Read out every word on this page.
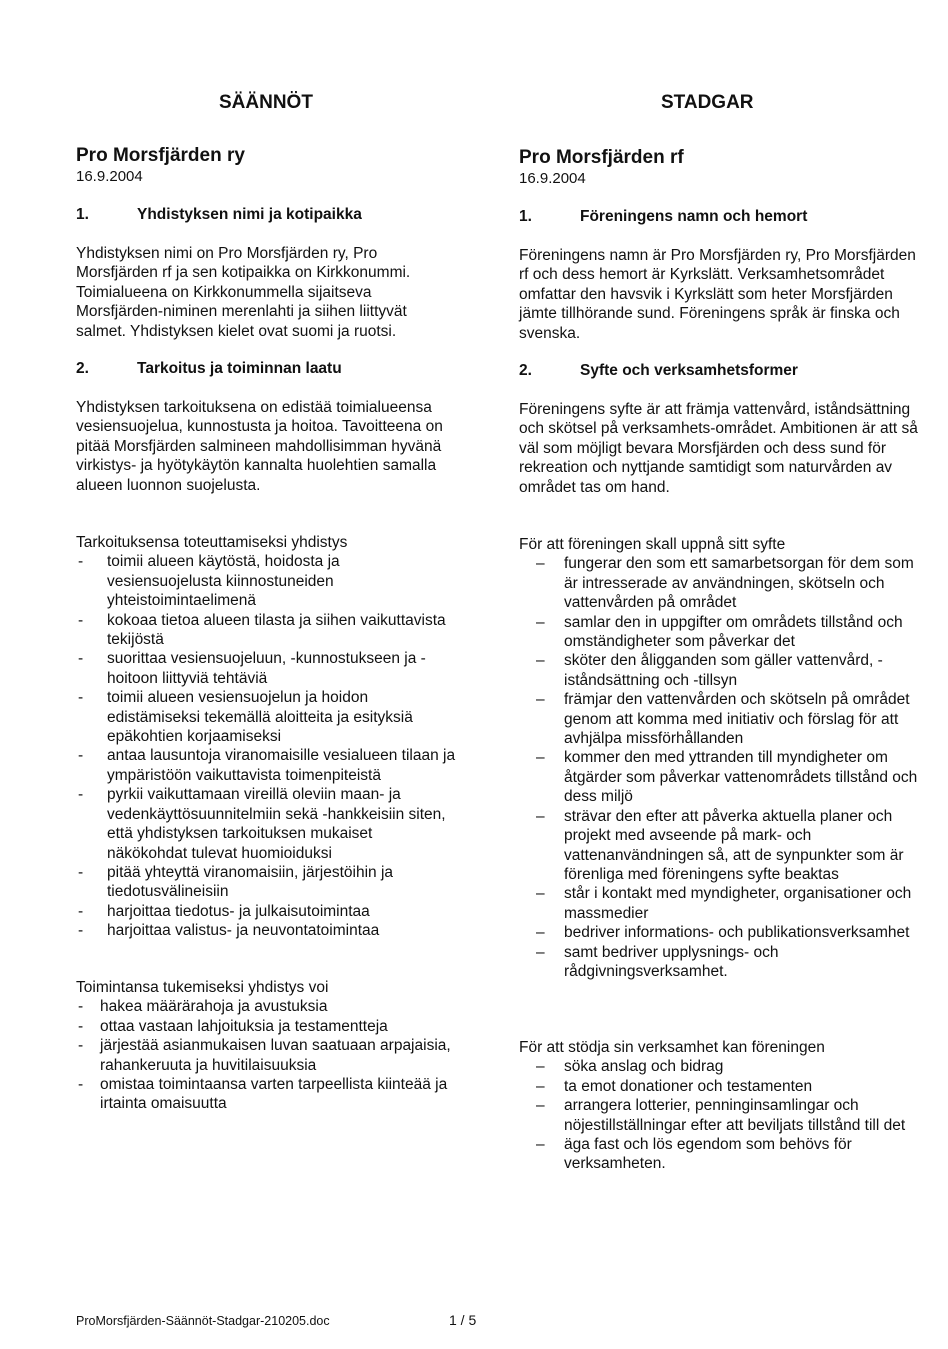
SÄÄNNÖT
Pro Morsfjärden ry
16.9.2004
1.	Yhdistyksen nimi ja kotipaikka

Yhdistyksen nimi on Pro Morsfjärden ry, Pro Morsfjärden rf ja sen kotipaikka on Kirkkonummi. Toimialueena on Kirkkonummella sijaitseva Morsfjärden-niminen merenlahti ja siihen liittyvät salmet. Yhdistyksen kielet ovat suomi ja ruotsi.

2.	Tarkoitus ja toiminnan laatu

Yhdistyksen tarkoituksena on edistää toimialueensa vesiensuojelua, kunnostusta ja hoitoa. Tavoitteena on pitää Morsfjärden salmineen mahdollisimman hyvänä virkistys- ja hyötykäytön kannalta huolehtien samalla alueen luonnon suojelusta.

Tarkoituksensa toteuttamiseksi yhdistys
- toimii alueen käytöstä, hoidosta ja vesiensuojelusta kiinnostuneiden yhteistoimintaelimenä
- kokoaa tietoa alueen tilasta ja siihen vaikuttavista tekijöstä
- suorittaa vesiensuojeluun, -kunnostukseen ja -hoitoon liittyviä tehtäviä
- toimii alueen vesiensuojelun ja hoidon edistämiseksi tekemällä aloitteita ja esityksiä epäkohtien korjaamiseksi
- antaa lausuntoja viranomaisille vesialueen tilaan ja ympäristöön vaikuttavista toimenpiteistä
- pyrkii vaikuttamaan vireillä oleviin maan- ja vedenkäyttösuunnitelmiin sekä -hankkeisiin siten, että yhdistyksen tarkoituksen mukaiset näkökohdat tulevat huomioiduksi
- pitää yhteyttä viranomaisiin, järjestöihin ja tiedotusvälineisiin
- harjoittaa tiedotus- ja julkaisutoimintaa
- harjoittaa valistus- ja neuvontatoimintaa
Toimintansa tukemiseksi yhdistys voi
- hakea määrärahoja ja avustuksia
- ottaa vastaan lahjoituksia ja testamentteja
- järjestää asianmukaisen luvan saatuaan arpajaisia, rahankeruuta ja huvitilaisuuksia
- omistaa toimintaansa varten tarpeellista kiinteää ja irtainta omaisuutta
STADGAR
Pro Morsfjärden rf
16.9.2004
1.	Föreningens namn och hemort

Föreningens namn är Pro Morsfjärden ry, Pro Morsfjärden rf och dess hemort är Kyrkslätt. Verksamhetsområdet omfattar den havsvik i Kyrkslätt som heter Morsfjärden jämte tillhörande sund. Föreningens språk är finska och svenska.

2.	Syfte och verksamhetsformer

Föreningens syfte är att främja vattenvård, iståndsättning och skötsel på verksamhets-området. Ambitionen är att så väl som möjligt bevara Morsfjärden och dess sund för rekreation och nyttjande samtidigt som naturvården av området tas om hand.

För att föreningen skall uppnå sitt syfte
– fungerar den som ett samarbetsorgan för dem som är intresserade av användningen, skötseln och vattenvården på området
– samlar den in uppgifter om områdets tillstånd och omständigheter som påverkar det
– sköter den åligganden som gäller vattenvård, -iståndsättning och -tillsyn
– främjar den vattenvården och skötseln på området genom att komma med initiativ och förslag för att avhjälpa missförhållanden
– kommer den med yttranden till myndigheter om åtgärder som påverkar vattenområdets tillstånd och dess miljö
– strävar den efter att påverka aktuella planer och projekt med avseende på mark- och vattenanvändningen så, att de synpunkter som är förenliga med föreningens syfte beaktas
– står i kontakt med myndigheter, organisationer och massmedier
– bedriver informations- och publikationsverksamhet
– samt bedriver upplysnings- och rådgivningsverksamhet.
För att stödja sin verksamhet kan föreningen
– söka anslag och bidrag
– ta emot donationer och testamenten
– arrangera lotterier, penninginsamlingar och nöjestillställningar efter att beviljats tillstånd till det
– äga fast och lös egendom som behövs för verksamheten.
ProMorsfjärden-Säännöt-Stadgar-210205.doc	1 / 5
